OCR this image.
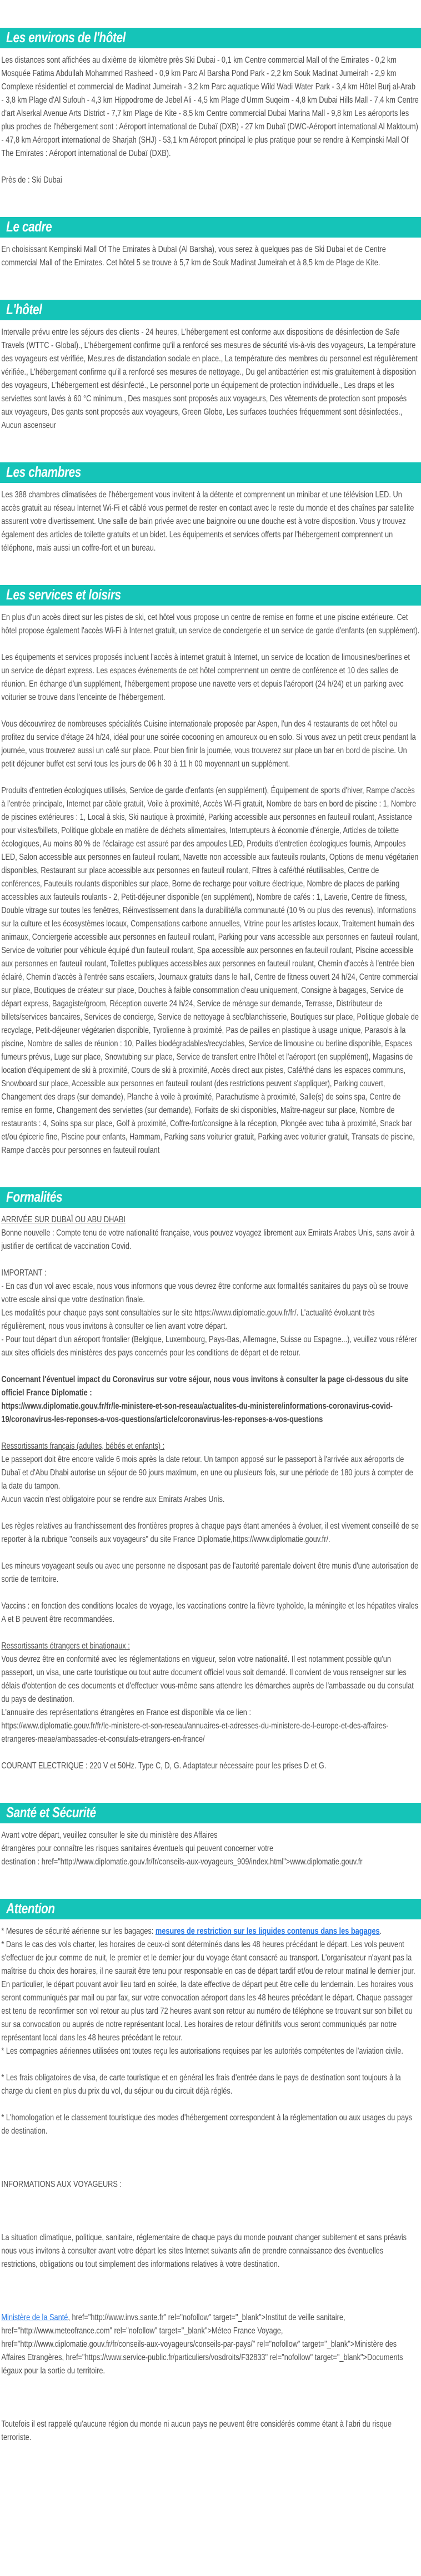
Les environs de l'hôtel

Les distances sont affichées au dixième de kilomètre près Ski Dubai - 0,1 km Centre commercial Mall of the Emirates - 0,2 km Mosquée Fatima Abdullah Mohammed Rasheed - 0,9 km Parc Al Barsha Pond Park - 2,2 km Souk Madinat Jumeirah - 2,9 km Complexe résidentiel et commercial de Madinat Jumeirah - 3,2 km Parc aquatique Wild Wadi Water Park - 3,4 km Hôtel Burj al-Arab - 3,8 km Plage d'Al Sufouh - 4,3 km Hippodrome de Jebel Ali - 4,5 km Plage d'Umm Suqeim - 4,8 km Dubai Hills Mall - 7,4 km Centre d'art Alserkal Avenue Arts District - 7,7 km Plage de Kite - 8,5 km Centre commercial Dubai Marina Mall - 9,8 km Les aéroports les plus proches de l'hébergement sont : Aéroport international de Dubaï (DXB) - 27 km Dubaï (DWC-Aéroport international Al Maktoum) - 47,8 km Aéroport international de Sharjah (SHJ) - 53,1 km Aéroport principal le plus pratique pour se rendre à Kempinski Mall Of The Emirates : Aéroport international de Dubaï (DXB).

Près de : Ski Dubai

Le cadre

En choisissant Kempinski Mall Of The Emirates à Dubaï (Al Barsha), vous serez à quelques pas de Ski Dubai et de Centre commercial Mall of the Emirates. Cet hôtel 5 se trouve à 5,7 km de Souk Madinat Jumeirah et à 8,5 km de Plage de Kite.

L'hôtel

Intervalle prévu entre les séjours des clients - 24 heures, L'hébergement est conforme aux dispositions de désinfection de Safe Travels (WTTC - Global)., L'hébergement confirme qu'il a renforcé ses mesures de sécurité vis-à-vis des voyageurs, La température des voyageurs est vérifiée, Mesures de distanciation sociale en place., La température des membres du personnel est régulièrement vérifiée., L'hébergement confirme qu'il a renforcé ses mesures de nettoyage., Du gel antibactérien est mis gratuitement à disposition des voyageurs, L'hébergement est désinfecté., Le personnel porte un équipement de protection individuelle., Les draps et les serviettes sont lavés à 60 °C minimum., Des masques sont proposés aux voyageurs, Des vêtements de protection sont proposés aux voyageurs, Des gants sont proposés aux voyageurs, Green Globe, Les surfaces touchées fréquemment sont désinfectées., Aucun ascenseur

Les chambres

Les 388 chambres climatisées de l'hébergement vous invitent à la détente et comprennent un minibar et une télévision LED. Un accès gratuit au réseau Internet Wi-Fi et câblé vous permet de rester en contact avec le reste du monde et des chaînes par satellite assurent votre divertissement. Une salle de bain privée avec une baignoire ou une douche est à votre disposition. Vous y trouvez également des articles de toilette gratuits et un bidet. Les équipements et services offerts par l'hébergement comprennent un téléphone, mais aussi un coffre-fort et un bureau.

Les services et loisirs

En plus d'un accès direct sur les pistes de ski, cet hôtel vous propose un centre de remise en forme et une piscine extérieure. Cet hôtel propose également l'accès Wi-Fi à Internet gratuit, un service de conciergerie et un service de garde d'enfants (en supplément).

Les équipements et services proposés incluent l'accès à internet gratuit à Internet, un service de location de limousines/berlines et un service de départ express. Les espaces événements de cet hôtel comprennent un centre de conférence et 10 des salles de réunion. En échange d'un supplément, l'hébergement propose une navette vers et depuis l'aéroport (24 h/24) et un parking avec voiturier se trouve dans l'enceinte de l'hébergement.

Vous découvrirez de nombreuses spécialités Cuisine internationale proposée par Aspen, l'un des 4 restaurants de cet hôtel ou profitez du service d'étage 24 h/24, idéal pour une soirée cocooning en amoureux ou en solo. Si vous avez un petit creux pendant la journée, vous trouverez aussi un café sur place. Pour bien finir la journée, vous trouverez sur place un bar en bord de piscine. Un petit déjeuner buffet est servi tous les jours de 06 h 30 à 11 h 00 moyennant un supplément.

Produits d'entretien écologiques utilisés, Service de garde d'enfants (en supplément), Équipement de sports d'hiver, Rampe d'accès à l'entrée principale, Internet par câble gratuit, Voile à proximité, Accès Wi-Fi gratuit, Nombre de bars en bord de piscine : 1, Nombre de piscines extérieures : 1, Local à skis, Ski nautique à proximité, Parking accessible aux personnes en fauteuil roulant, Assistance pour visites/billets, Politique globale en matière de déchets alimentaires, Interrupteurs à économie d'énergie, Articles de toilette écologiques, Au moins 80 % de l'éclairage est assuré par des ampoules LED, Produits d'entretien écologiques fournis, Ampoules LED, Salon accessible aux personnes en fauteuil roulant, Navette non accessible aux fauteuils roulants, Options de menu végétarien disponibles, Restaurant sur place accessible aux personnes en fauteuil roulant, Filtres à café/thé réutilisables, Centre de conférences, Fauteuils roulants disponibles sur place, Borne de recharge pour voiture électrique, Nombre de places de parking accessibles aux fauteuils roulants - 2, Petit-déjeuner disponible (en supplément), Nombre de cafés : 1, Laverie, Centre de fitness, Double vitrage sur toutes les fenêtres, Réinvestissement dans la durabilité/la communauté (10 % ou plus des revenus), Informations sur la culture et les écosystèmes locaux, Compensations carbone annuelles, Vitrine pour les artistes locaux, Traitement humain des animaux, Conciergerie accessible aux personnes en fauteuil roulant, Parking pour vans accessible aux personnes en fauteuil roulant, Service de voiturier pour véhicule équipé d'un fauteuil roulant, Spa accessible aux personnes en fauteuil roulant, Piscine accessible aux personnes en fauteuil roulant, Toilettes publiques accessibles aux personnes en fauteuil roulant, Chemin d'accès à l'entrée bien éclairé, Chemin d'accès à l'entrée sans escaliers, Journaux gratuits dans le hall, Centre de fitness ouvert 24 h/24, Centre commercial sur place, Boutiques de créateur sur place, Douches à faible consommation d'eau uniquement, Consigne à bagages, Service de départ express, Bagagiste/groom, Réception ouverte 24 h/24, Service de ménage sur demande, Terrasse, Distributeur de billets/services bancaires, Services de concierge, Service de nettoyage à sec/blanchisserie, Boutiques sur place, Politique globale de recyclage, Petit-déjeuner végétarien disponible, Tyrolienne à proximité, Pas de pailles en plastique à usage unique, Parasols à la piscine, Nombre de salles de réunion : 10, Pailles biodégradables/recyclables, Service de limousine ou berline disponible, Espaces fumeurs prévus, Luge sur place, Snowtubing sur place, Service de transfert entre l'hôtel et l'aéroport (en supplément), Magasins de location d'équipement de ski à proximité, Cours de ski à proximité, Accès direct aux pistes, Café/thé dans les espaces communs, Snowboard sur place, Accessible aux personnes en fauteuil roulant (des restrictions peuvent s'appliquer), Parking couvert, Changement des draps (sur demande), Planche à voile à proximité, Parachutisme à proximité, Salle(s) de soins spa, Centre de remise en forme, Changement des serviettes (sur demande), Forfaits de ski disponibles, Maître-nageur sur place, Nombre de restaurants : 4, Soins spa sur place, Golf à proximité, Coffre-fort/consigne à la réception, Plongée avec tuba à proximité, Snack bar et/ou épicerie fine, Piscine pour enfants, Hammam, Parking sans voiturier gratuit, Parking avec voiturier gratuit, Transats de piscine, Rampe d'accès pour personnes en fauteuil roulant

Formalités

ARRIVÉE SUR DUBAÏ OU ABU DHABI

Bonne nouvelle : Compte tenu de votre nationalité française, vous pouvez voyagez librement aux Emirats Arabes Unis, sans avoir à justifier de certificat de vaccination Covid.

IMPORTANT :

- En cas d'un vol avec escale, nous vous informons que vous devrez être conforme aux formalités sanitaires du pays où se trouve votre escale ainsi que votre destination finale.

Les modalités pour chaque pays sont consultables sur le site https://www.diplomatie.gouv.fr/fr/. L'actualité évoluant très régulièrement, nous vous invitons à consulter ce lien avant votre départ.

- Pour tout départ d'un aéroport frontalier (Belgique, Luxembourg, Pays-Bas, Allemagne, Suisse ou Espagne...), veuillez vous référer aux sites officiels des ministères des pays concernés pour les conditions de départ et de retour.

Concernant l'éventuel impact du Coronavirus sur votre séjour, nous vous invitons à consulter la page ci-dessous du site officiel France Diplomatie :
https://www.diplomatie.gouv.fr/fr/le-ministere-et-son-reseau/actualites-du-ministere/informations-coronavirus-covid-19/coronavirus-les-reponses-a-vos-questions/article/coronavirus-les-reponses-a-vos-questions

Ressortissants français (adultes, bébés et enfants) :

Le passeport doit être encore valide 6 mois après la date retour. Un tampon apposé sur le passeport à l'arrivée aux aéroports de Dubaï et d'Abu Dhabi autorise un séjour de 90 jours maximum, en une ou plusieurs fois, sur une période de 180 jours à compter de la date du tampon.

Aucun vaccin n'est obligatoire pour se rendre aux Emirats Arabes Unis.

Les règles relatives au franchissement des frontières propres à chaque pays étant amenées à évoluer, il est vivement conseillé de se reporter à la rubrique "conseils aux voyageurs" du site France Diplomatie,https://www.diplomatie.gouv.fr/.

Les mineurs voyageant seuls ou avec une personne ne disposant pas de l'autorité parentale doivent être munis d'une autorisation de sortie de territoire.

Vaccins : en fonction des conditions locales de voyage, les vaccinations contre la fièvre typhoïde, la méningite et les hépatites virales A et B peuvent être recommandées.

Ressortissants étrangers et binationaux :

Vous devrez être en conformité avec les réglementations en vigueur, selon votre nationalité. Il est notamment possible qu'un passeport, un visa, une carte touristique ou tout autre document officiel vous soit demandé. Il convient de vous renseigner sur les délais d'obtention de ces documents et d'effectuer vous-même sans attendre les démarches auprès de l'ambassade ou du consulat du pays de destination.

L'annuaire des représentations étrangères en France est disponible via ce lien :
https://www.diplomatie.gouv.fr/fr/le-ministere-et-son-reseau/annuaires-et-adresses-du-ministere-de-l-europe-et-des-affaires-etrangeres-meae/ambassades-et-consulats-etrangers-en-france/

COURANT ELECTRIQUE : 220 V et 50Hz. Type C, D, G. Adaptateur nécessaire pour les prises D et G.

Santé et Sécurité

Avant votre départ, veuillez consulter le site du ministère des Affaires
étrangères pour connaître les risques sanitaires éventuels qui peuvent concerner votre
destination : href="http://www.diplomatie.gouv.fr/fr/conseils-aux-voyageurs_909/index.html">www.diplomatie.gouv.fr

Attention

* Mesures de sécurité aérienne sur les bagages: mesures de restriction sur les liquides contenus dans les bagages.

* Dans le cas des vols charter, les horaires de ceux-ci sont déterminés dans les 48 heures précédant le départ. Les vols peuvent s'effectuer de jour comme de nuit, le premier et le dernier jour du voyage étant consacré au transport. L'organisateur n'ayant pas la maîtrise du choix des horaires, il ne saurait être tenu pour responsable en cas de départ tardif et/ou de retour matinal le dernier jour. En particulier, le départ pouvant avoir lieu tard en soirée, la date effective de départ peut être celle du lendemain. Les horaires vous seront communiqués par mail ou par fax, sur votre convocation aéroport dans les 48 heures précédant le départ. Chaque passager est tenu de reconfirmer son vol retour au plus tard 72 heures avant son retour au numéro de téléphone se trouvant sur son billet ou sur sa convocation ou auprés de notre représentant local. Les horaires de retour définitifs vous seront communiqués par notre représentant local dans les 48 heures précédant le retour.

* Les compagnies aériennes utilisées ont toutes reçu les autorisations requises par les autorités compétentes de l'aviation civile.

* Les frais obligatoires de visa, de carte touristique et en général les frais d'entrée dans le pays de destination sont toujours à la charge du client en plus du prix du vol, du séjour ou du circuit déjà réglés.

* L'homologation et le classement touristique des modes d'hébergement correspondent à la réglementation ou aux usages du pays de destination.

INFORMATIONS AUX VOYAGEURS :

La situation climatique, politique, sanitaire, réglementaire de chaque pays du monde pouvant changer subitement et sans préavis
nous vous invitons à consulter avant votre départ les sites Internet suivants afin de prendre connaissance des éventuelles restrictions, obligations ou tout simplement des informations relatives à votre destination.

Ministère de la Santé, href="http://www.invs.sante.fr" rel="nofollow" target="_blank">Institut de veille sanitaire, href="http://www.meteofrance.com" rel="nofollow" target="_blank">Méteo France Voyage, href="http://www.diplomatie.gouv.fr/fr/conseils-aux-voyageurs/conseils-par-pays/" rel="nofollow" target="_blank">Ministère des Affaires Etrangères, href="https://www.service-public.fr/particuliers/vosdroits/F32833" rel="nofollow" target="_blank">Documents légaux pour la sortie du territoire.

Toutefois il est rappelé qu'aucune région du monde ni aucun pays ne peuvent être considérés comme étant à l'abri du risque terroriste.
